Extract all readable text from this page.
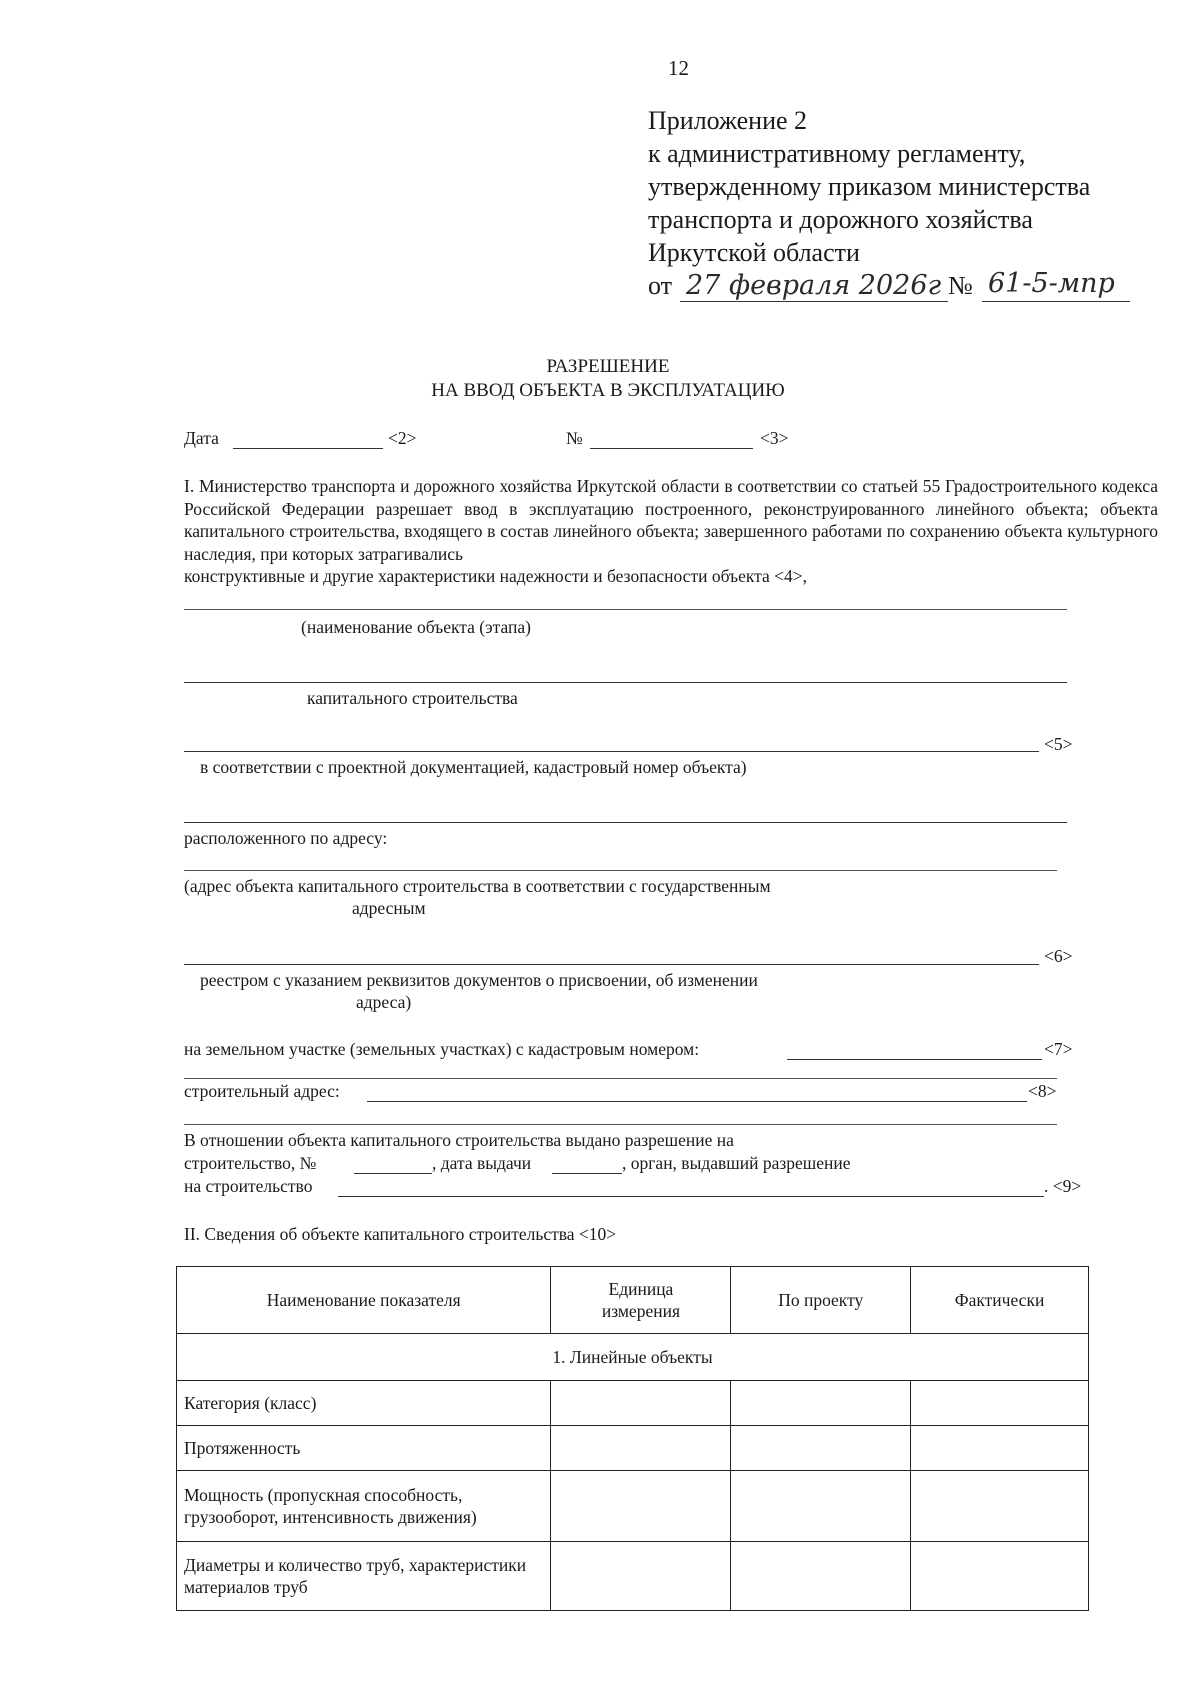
12
Приложение 2
к административному регламенту,
утвержденному приказом министерства
транспорта и дорожного хозяйства
Иркутской области
от 27 февраля 2026г № 61-5-мпр
РАЗРЕШЕНИЕ
НА ВВОД ОБЪЕКТА В ЭКСПЛУАТАЦИЮ
Дата	<2>	№	<3>
I. Министерство транспорта и дорожного хозяйства Иркутской области в соответствии со статьей 55 Градостроительного кодекса Российской Федерации разрешает ввод в эксплуатацию построенного, реконструированного линейного объекта; объекта капитального строительства, входящего в состав линейного объекта; завершенного работами по сохранению объекта культурного наследия, при которых затрагивались
конструктивные и другие характеристики надежности и безопасности объекта <4>,
(наименование объекта (этапа)
капитального строительства
<5>
в соответствии с проектной документацией, кадастровый номер объекта)
расположенного по адресу:
(адрес объекта капитального строительства в соответствии с государственным
адресным
<6>
реестром с указанием реквизитов документов о присвоении, об изменении
адреса)
на земельном участке (земельных участках) с кадастровым номером:	<7>
строительный адрес:	<8>
В отношении объекта капитального строительства выдано разрешение на
строительство, №	, дата выдачи	, орган, выдавший разрешение
на строительство	. <9>
II. Сведения об объекте капитального строительства <10>
Наименование показателя	Единица измерения	По проекту	Фактически
1. Линейные объекты			
Категория (класс)			
Протяженность			
Мощность (пропускная способность, грузооборот, интенсивность движения)			
Диаметры и количество труб, характеристики материалов труб			
